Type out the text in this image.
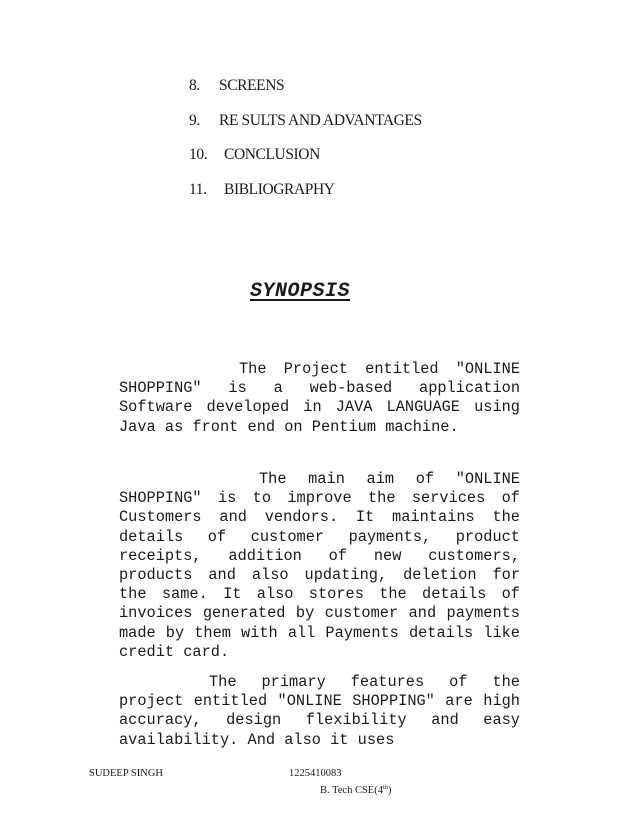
8. SCREENS
9. RE SULTS AND ADVANTAGES
10. CONCLUSION
11. BIBLIOGRAPHY
SYNOPSIS

The Project entitled "ONLINE SHOPPING" is a web-based application Software developed in JAVA LANGUAGE using Java as front end on Pentium machine.

The main aim of "ONLINE SHOPPING" is to improve the services of Customers and vendors. It maintains the details of customer payments, product receipts, addition of new customers, products and also updating, deletion for the same. It also stores the details of invoices generated by customer and payments made by them with all Payments details like credit card.

The primary features of the project entitled "ONLINE SHOPPING" are high accuracy, design flexibility and easy availability. And also it uses

SUDEEP SINGH	1225410083
B. Tech CSE(4th)
